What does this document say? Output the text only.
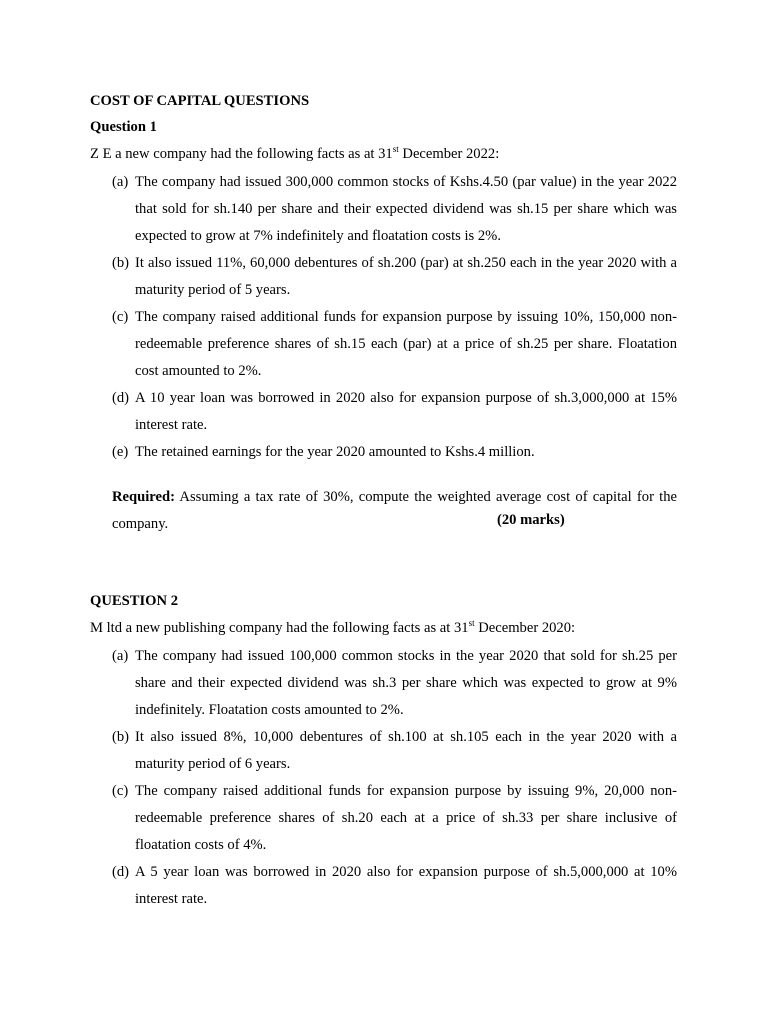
COST OF CAPITAL QUESTIONS
Question 1
Z E a new company had the following facts as at 31st December 2022:
(a) The company had issued 300,000 common stocks of Kshs.4.50 (par value) in the year 2022 that sold for sh.140 per share and their expected dividend was sh.15 per share which was expected to grow at 7% indefinitely and floatation costs is 2%.
(b) It also issued 11%, 60,000 debentures of sh.200 (par) at sh.250 each in the year 2020 with a maturity period of 5 years.
(c) The company raised additional funds for expansion purpose by issuing 10%, 150,000 non-redeemable preference shares of sh.15 each (par) at a price of sh.25 per share. Floatation cost amounted to 2%.
(d) A 10 year loan was borrowed in 2020 also for expansion purpose of sh.3,000,000 at 15% interest rate.
(e) The retained earnings for the year 2020 amounted to Kshs.4 million.
Required: Assuming a tax rate of 30%, compute the weighted average cost of capital for the company.	(20 marks)
QUESTION 2
M ltd a new publishing company had the following facts as at 31st December 2020:
(a) The company had issued 100,000 common stocks in the year 2020 that sold for sh.25 per share and their expected dividend was sh.3 per share which was expected to grow at 9% indefinitely. Floatation costs amounted to 2%.
(b) It also issued 8%, 10,000 debentures of sh.100 at sh.105 each in the year 2020 with a maturity period of 6 years.
(c) The company raised additional funds for expansion purpose by issuing 9%, 20,000 non-redeemable preference shares of sh.20 each at a price of sh.33 per share inclusive of floatation costs of 4%.
(d) A 5 year loan was borrowed in 2020 also for expansion purpose of sh.5,000,000 at 10% interest rate.
